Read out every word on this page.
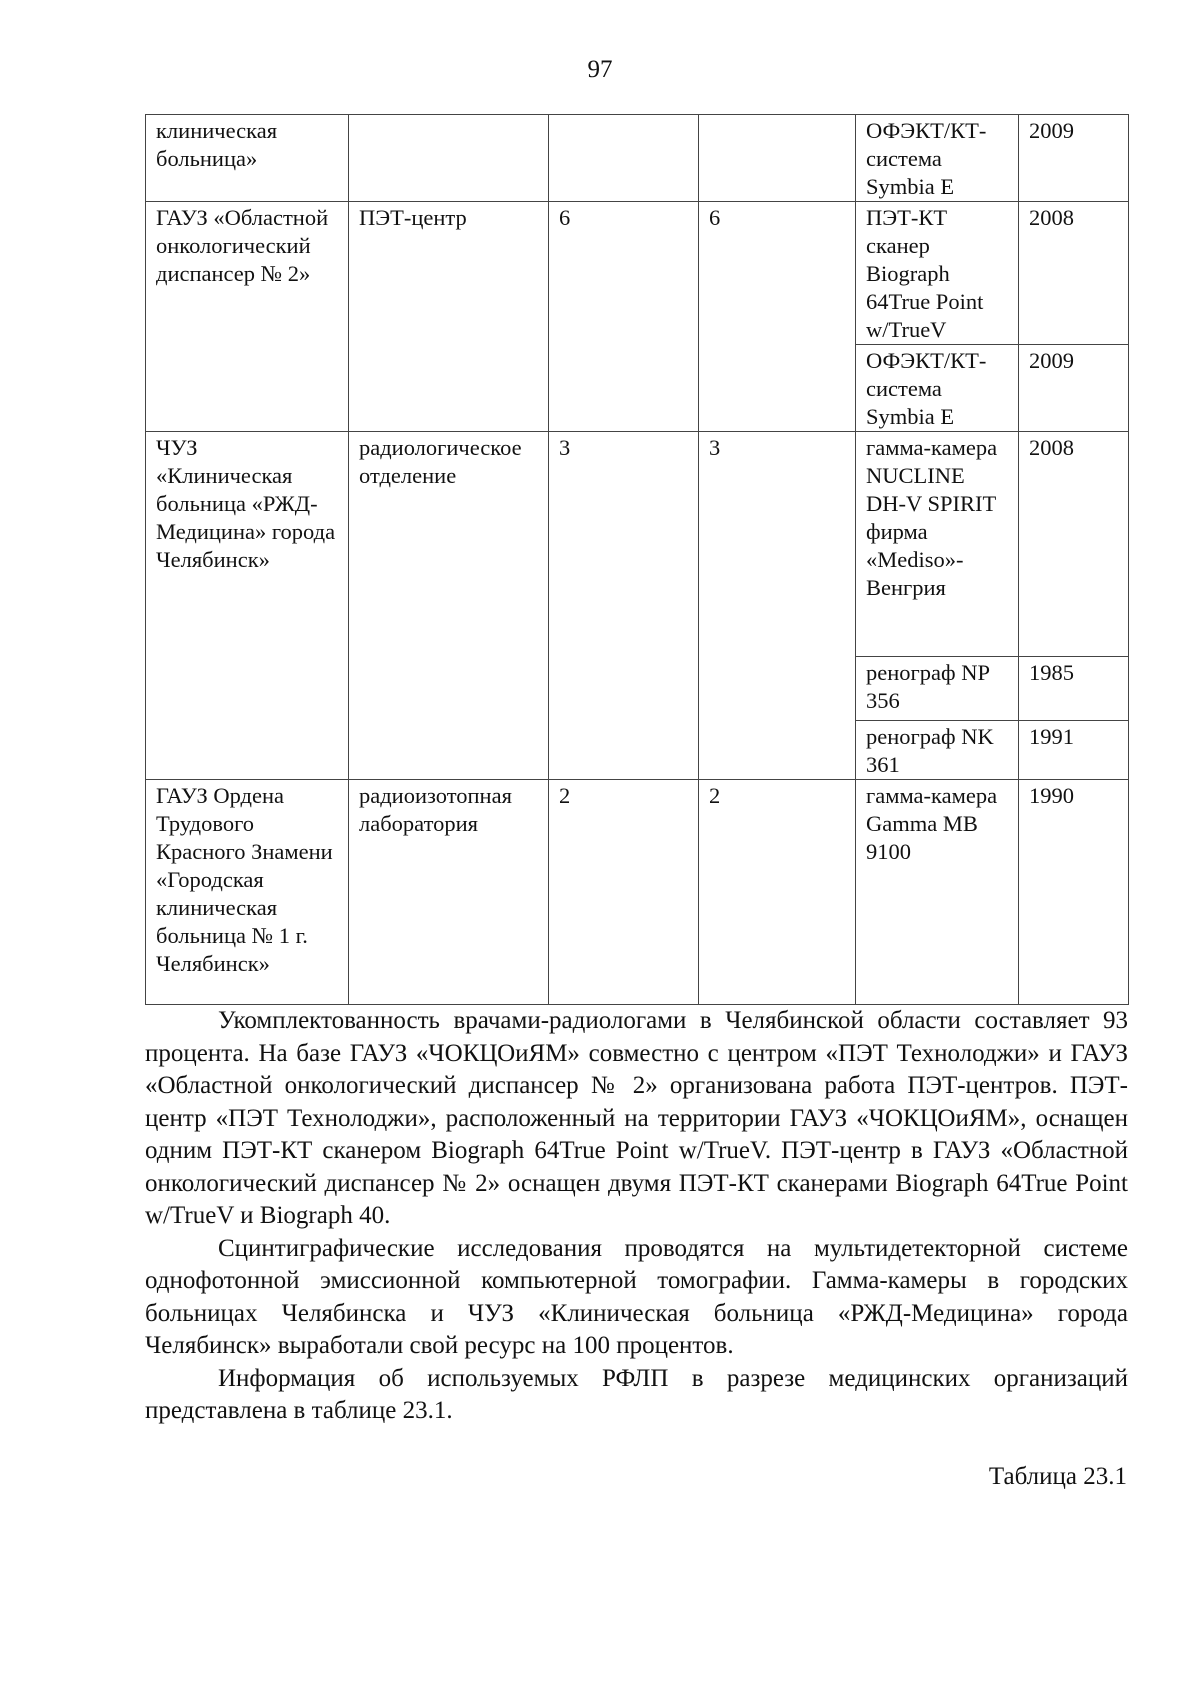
97
клиническая больница»				ОФЭКТ/КТ-система Symbia E	2009
ГАУЗ «Областной онкологический диспансер № 2»	ПЭТ-центр	6	6	ПЭТ-КТ сканер Biograph 64True Point w/TrueV	2008
				ОФЭКТ/КТ-система Symbia E	2009
ЧУЗ «Клиническая больница «РЖД-Медицина» города Челябинск»	радиологическое отделение	3	3	гамма-камера NUCLINE DH-V SPIRIT фирма «Mediso»-Венгрия	2008
				ренограф NP 356	1985
				ренограф NK 361	1991
ГАУЗ Ордена Трудового Красного Знамени «Городская клиническая больница № 1 г. Челябинск»	радиоизотопная лаборатория	2	2	гамма-камера Gamma MB 9100	1990

Укомплектованность врачами-радиологами в Челябинской области составляет 93 процента. На базе ГАУЗ «ЧОКЦОиЯМ» совместно с центром «ПЭТ Технолоджи» и ГАУЗ «Областной онкологический диспансер № 2» организована работа ПЭТ-центров. ПЭТ-центр «ПЭТ Технолоджи», расположенный на территории ГАУЗ «ЧОКЦОиЯМ», оснащен одним ПЭТ-КТ сканером Biograph 64True Point w/TrueV. ПЭТ-центр в ГАУЗ «Областной онкологический диспансер № 2» оснащен двумя ПЭТ-КТ сканерами Biograph 64True Point w/TrueV и Biograph 40.

Сцинтиграфические исследования проводятся на мультидетекторной системе однофотонной эмиссионной компьютерной томографии. Гамма-камеры в городских больницах Челябинска и ЧУЗ «Клиническая больница «РЖД-Медицина» города Челябинск» выработали свой ресурс на 100 процентов.

Информация об используемых РФЛП в разрезе медицинских организаций представлена в таблице 23.1.

Таблица 23.1
